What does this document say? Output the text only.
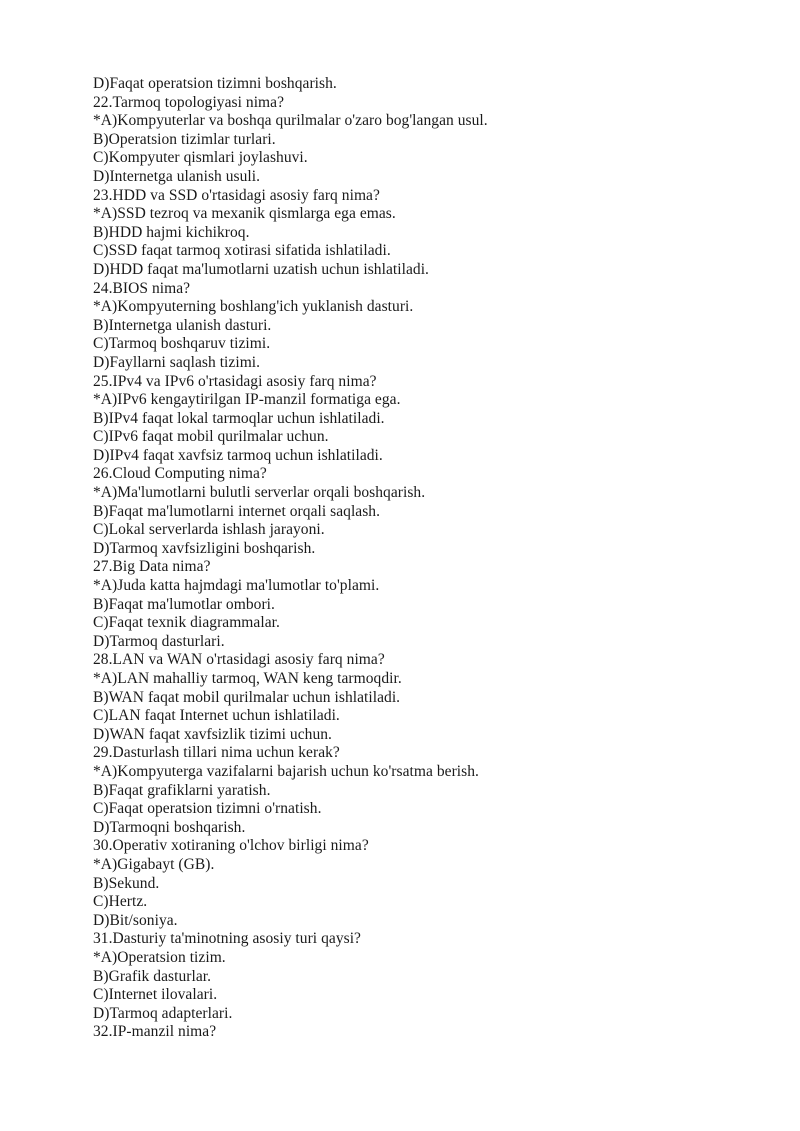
D)Faqat operatsion tizimni boshqarish.
22.Tarmoq topologiyasi nima?
*A)Kompyuterlar va boshqa qurilmalar o'zaro bog'langan usul.
B)Operatsion tizimlar turlari.
C)Kompyuter qismlari joylashuvi.
D)Internetga ulanish usuli.
23.HDD va SSD o'rtasidagi asosiy farq nima?
*A)SSD tezroq va mexanik qismlarga ega emas.
B)HDD hajmi kichikroq.
C)SSD faqat tarmoq xotirasi sifatida ishlatiladi.
D)HDD faqat ma'lumotlarni uzatish uchun ishlatiladi.
24.BIOS nima?
*A)Kompyuterning boshlang'ich yuklanish dasturi.
B)Internetga ulanish dasturi.
C)Tarmoq boshqaruv tizimi.
D)Fayllarni saqlash tizimi.
25.IPv4 va IPv6 o'rtasidagi asosiy farq nima?
*A)IPv6 kengaytirilgan IP-manzil formatiga ega.
B)IPv4 faqat lokal tarmoqlar uchun ishlatiladi.
C)IPv6 faqat mobil qurilmalar uchun.
D)IPv4 faqat xavfsiz tarmoq uchun ishlatiladi.
26.Cloud Computing nima?
*A)Ma'lumotlarni bulutli serverlar orqali boshqarish.
B)Faqat ma'lumotlarni internet orqali saqlash.
C)Lokal serverlarda ishlash jarayoni.
D)Tarmoq xavfsizligini boshqarish.
27.Big Data nima?
*A)Juda katta hajmdagi ma'lumotlar to'plami.
B)Faqat ma'lumotlar ombori.
C)Faqat texnik diagrammalar.
D)Tarmoq dasturlari.
28.LAN va WAN o'rtasidagi asosiy farq nima?
*A)LAN mahalliy tarmoq, WAN keng tarmoqdir.
B)WAN faqat mobil qurilmalar uchun ishlatiladi.
C)LAN faqat Internet uchun ishlatiladi.
D)WAN faqat xavfsizlik tizimi uchun.
29.Dasturlash tillari nima uchun kerak?
*A)Kompyuterga vazifalarni bajarish uchun ko'rsatma berish.
B)Faqat grafiklarni yaratish.
C)Faqat operatsion tizimni o'rnatish.
D)Tarmoqni boshqarish.
30.Operativ xotiraning o'lchov birligi nima?
*A)Gigabayt (GB).
B)Sekund.
C)Hertz.
D)Bit/soniya.
31.Dasturiy ta'minotning asosiy turi qaysi?
*A)Operatsion tizim.
B)Grafik dasturlar.
C)Internet ilovalari.
D)Tarmoq adapterlari.
32.IP-manzil nima?
